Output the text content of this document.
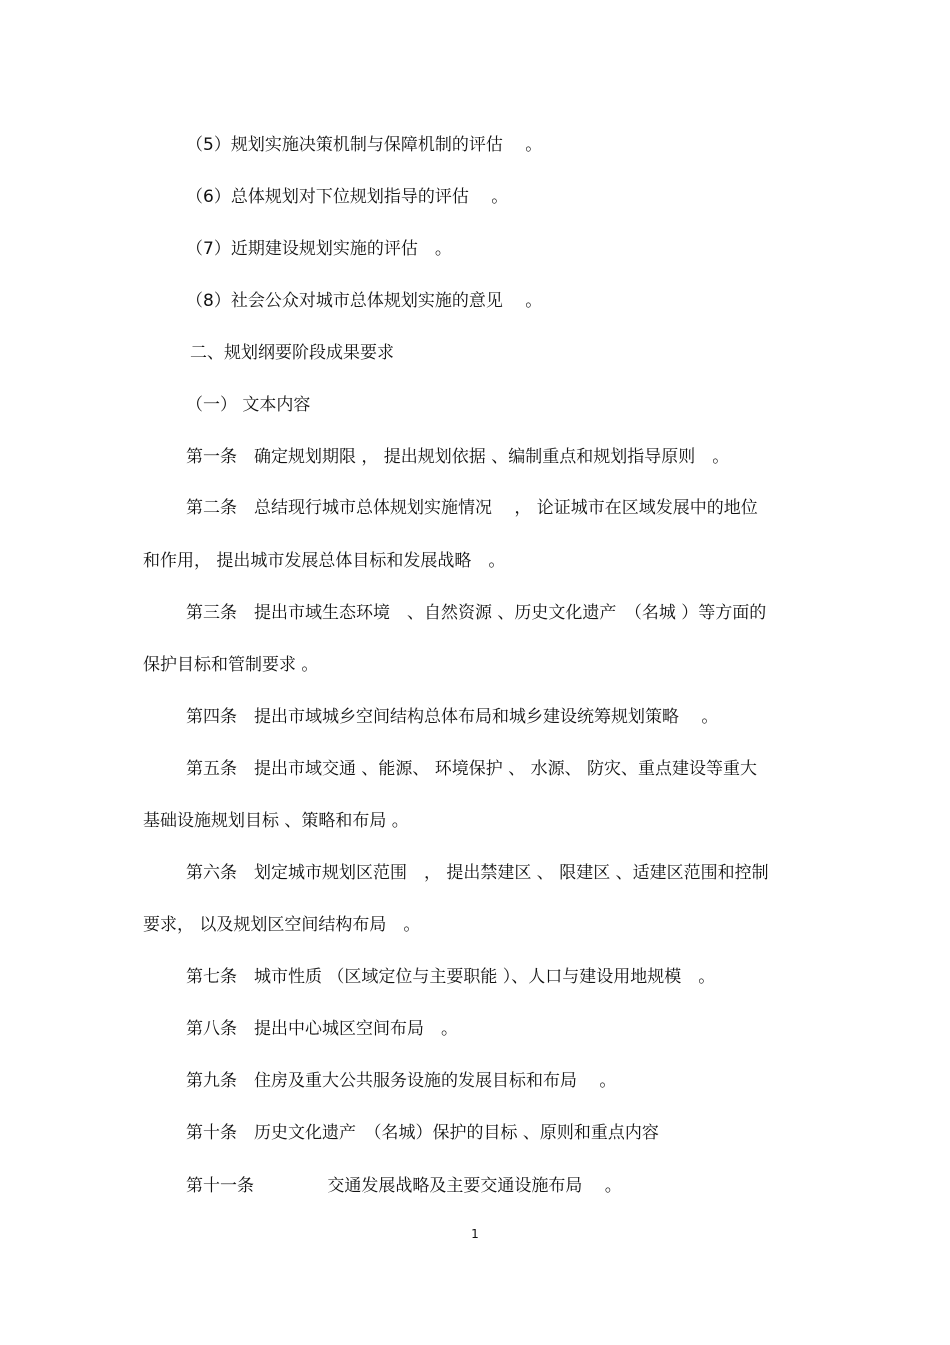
（5）规划实施决策机制与保障机制的评估　 。
（6）总体规划对下位规划指导的评估　 。
（7）近期建设规划实施的评估　。
（8）社会公众对城市总体规划实施的意见　 。
二、规划纲要阶段成果要求
（一） 文本内容
第一条　确定规划期限 ， 提出规划依据 、编制重点和规划指导原则　。
第二条　总结现行城市总体规划实施情况　 ， 论证城市在区域发展中的地位
和作用， 提出城市发展总体目标和发展战略　。
第三条　提出市域生态环境　、自然资源 、历史文化遗产　（名城 ）等方面的
保护目标和管制要求 。
第四条　提出市域城乡空间结构总体布局和城乡建设统筹规划策略　 。
第五条　提出市域交通 、能源、 环境保护 、 水源、 防灾、重点建设等重大
基础设施规划目标 、策略和布局 。
第六条　划定城市规划区范围　， 提出禁建区 、 限建区 、适建区范围和控制
要求， 以及规划区空间结构布局　。
第七条　城市性质 （区域定位与主要职能 ）、人口与建设用地规模　。
第八条　提出中心城区空间布局　。
第九条　住房及重大公共服务设施的发展目标和布局　 。
第十条　历史文化遗产　（名城）保护的目标 、原则和重点内容
第十一条　　　　 交通发展战略及主要交通设施布局　 。
1
